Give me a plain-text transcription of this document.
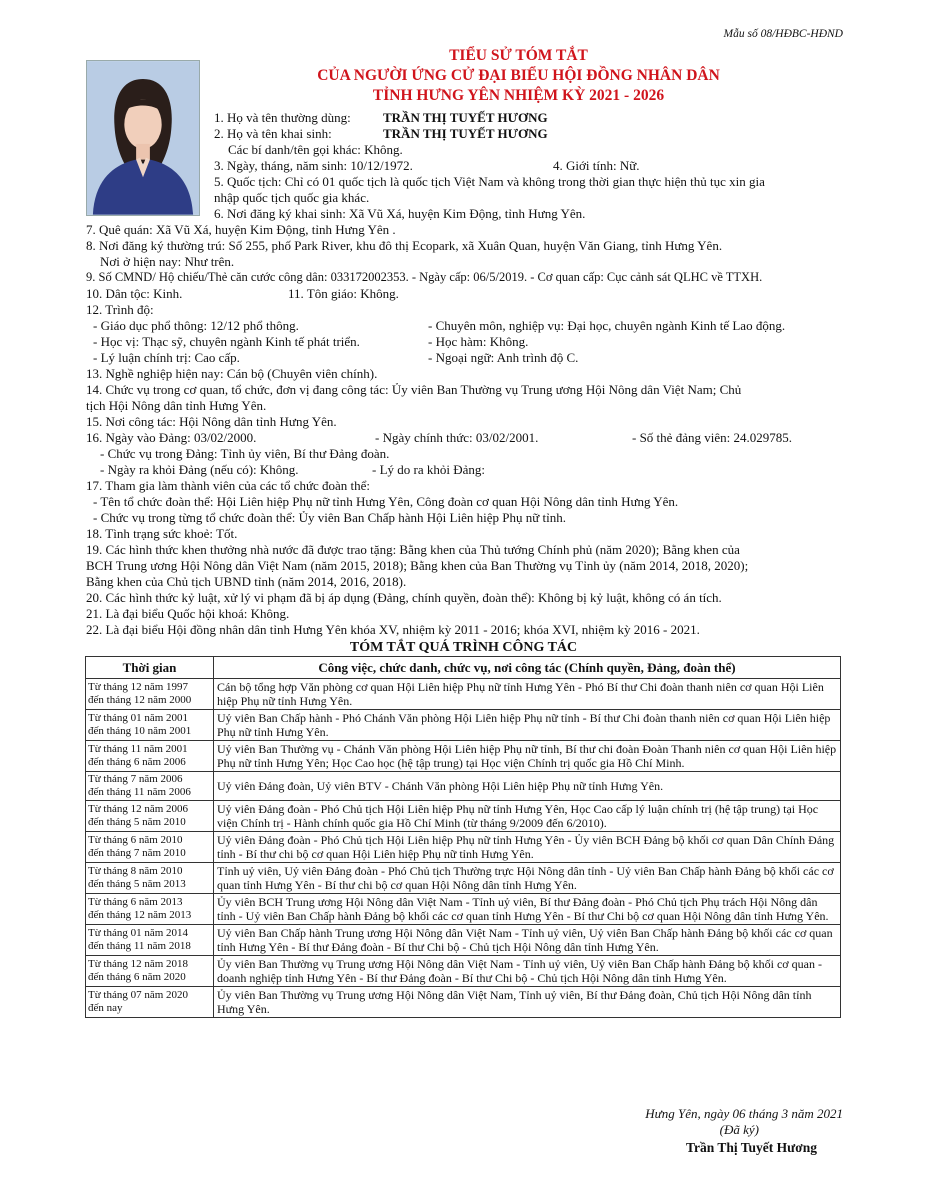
Mẫu số 08/HĐBC-HĐND
TIỂU SỬ TÓM TẮT
CỦA NGƯỜI ỨNG CỬ ĐẠI BIỂU HỘI ĐỒNG NHÂN DÂN
TỈNH HƯNG YÊN NHIỆM KỲ 2021 - 2026
1. Họ và tên thường dùng: TRẦN THỊ TUYẾT HƯƠNG
2. Họ và tên khai sinh:	TRẦN THỊ TUYẾT HƯƠNG
Các bí danh/tên gọi khác: Không.
3. Ngày, tháng, năm sinh: 10/12/1972.	4. Giới tính: Nữ.
5. Quốc tịch: Chỉ có 01 quốc tịch là quốc tịch Việt Nam và không trong thời gian thực hiện thủ tục xin gia
nhập quốc tịch quốc gia khác.
6. Nơi đăng ký khai sinh: Xã Vũ Xá, huyện Kim Động, tỉnh Hưng Yên.
7. Quê quán: Xã Vũ Xá, huyện Kim Động, tỉnh Hưng Yên .
8. Nơi đăng ký thường trú: Số 255, phố Park River, khu đô thị Ecopark, xã Xuân Quan, huyện Văn Giang, tỉnh Hưng Yên.
Nơi ở hiện nay: Như trên.
9. Số CMND/ Hộ chiếu/Thẻ căn cước công dân: 033172002353. - Ngày cấp: 06/5/2019. - Cơ quan cấp: Cục cảnh sát QLHC về TTXH.
10. Dân tộc: Kinh.	11. Tôn giáo: Không.
12. Trình độ:
- Giáo dục phổ thông: 12/12 phổ thông.	- Chuyên môn, nghiệp vụ: Đại học, chuyên ngành Kinh tế Lao động.
- Học vị: Thạc sỹ, chuyên ngành Kinh tế phát triển.	- Học hàm: Không.
- Lý luận chính trị: Cao cấp.	- Ngoại ngữ: Anh trình độ C.
13. Nghề nghiệp hiện nay: Cán bộ (Chuyên viên chính).
14. Chức vụ trong cơ quan, tổ chức, đơn vị đang công tác: Ủy viên Ban Thường vụ Trung ương Hội Nông dân Việt Nam; Chủ
tịch Hội Nông dân tỉnh Hưng Yên.
15. Nơi công tác: Hội Nông dân tỉnh Hưng Yên.
16. Ngày vào Đảng: 03/02/2000.	- Ngày chính thức: 03/02/2001.	- Số thẻ đảng viên: 24.029785.
- Chức vụ trong Đảng: Tỉnh ủy viên, Bí thư Đảng đoàn.
- Ngày ra khỏi Đảng (nếu có): Không.	- Lý do ra khỏi Đảng:
17. Tham gia làm thành viên của các tổ chức đoàn thể:
- Tên tổ chức đoàn thể: Hội Liên hiệp Phụ nữ tỉnh Hưng Yên, Công đoàn cơ quan Hội Nông dân tỉnh Hưng Yên.
- Chức vụ trong từng tổ chức đoàn thể: Ủy viên Ban Chấp hành Hội Liên hiệp Phụ nữ tỉnh.
18. Tình trạng sức khoẻ: Tốt.
19. Các hình thức khen thưởng nhà nước đã được trao tặng: Bằng khen của Thủ tướng Chính phủ (năm 2020); Bằng khen của
BCH Trung ương Hội Nông dân Việt Nam (năm 2015, 2018); Bằng khen của Ban Thường vụ Tỉnh ủy (năm 2014, 2018, 2020);
Bằng khen của Chủ tịch UBND tỉnh (năm 2014, 2016, 2018).
20. Các hình thức kỷ luật, xử lý vi phạm đã bị áp dụng (Đảng, chính quyền, đoàn thể): Không bị kỷ luật, không có án tích.
21. Là đại biểu Quốc hội khoá: Không.
22. Là đại biểu Hội đồng nhân dân tỉnh Hưng Yên khóa XV, nhiệm kỳ 2011 - 2016; khóa XVI, nhiệm kỳ 2016 - 2021.
TÓM TẮT QUÁ TRÌNH CÔNG TÁC
Thời gian	Công việc, chức danh, chức vụ, nơi công tác (Chính quyền, Đảng, đoàn thể)

Từ tháng 12 năm 1997
đến tháng 12 năm 2000	Cán bộ tổng hợp Văn phòng cơ quan Hội Liên hiệp Phụ nữ tỉnh Hưng Yên - Phó Bí thư Chi đoàn thanh niên cơ quan Hội Liên hiệp Phụ nữ tỉnh Hưng Yên.

Từ tháng 01 năm 2001
đến tháng 10 năm 2001	Uỷ viên Ban Chấp hành - Phó Chánh Văn phòng Hội Liên hiệp Phụ nữ tỉnh - Bí thư Chi đoàn thanh niên cơ quan Hội Liên hiệp Phụ nữ tỉnh Hưng Yên.

Từ tháng 11 năm 2001
đến tháng 6 năm 2006	Uỷ viên Ban Thường vụ - Chánh Văn phòng Hội Liên hiệp Phụ nữ tỉnh, Bí thư chi đoàn Đoàn Thanh niên cơ quan Hội Liên hiệp Phụ nữ tỉnh Hưng Yên; Học Cao học (hệ tập trung) tại Học viện Chính trị quốc gia Hồ Chí Minh.

Từ tháng 7 năm 2006
đến tháng 11 năm 2006	Uỷ viên Đảng đoàn, Uỷ viên BTV - Chánh Văn phòng Hội Liên hiệp Phụ nữ tỉnh Hưng Yên.

Từ tháng 12 năm 2006
đến tháng 5 năm 2010	Uỷ viên Đảng đoàn - Phó Chủ tịch Hội Liên hiệp Phụ nữ tỉnh Hưng Yên, Học Cao cấp lý luận chính trị (hệ tập trung) tại Học viện Chính trị - Hành chính quốc gia Hồ Chí Minh (từ tháng 9/2009 đến 6/2010).

Từ tháng 6 năm 2010
đến tháng 7 năm 2010	Uỷ viên Đảng đoàn - Phó Chủ tịch Hội Liên hiệp Phụ nữ tỉnh Hưng Yên - Ủy viên BCH Đảng bộ khối cơ quan Dân Chính Đảng tỉnh - Bí thư chi bộ cơ quan Hội Liên hiệp Phụ nữ tỉnh Hưng Yên.

Từ tháng 8 năm 2010
đến tháng 5 năm 2013	Tỉnh uỷ viên, Uỷ viên Đảng đoàn - Phó Chủ tịch Thường trực Hội Nông dân tỉnh - Uỷ viên Ban Chấp hành Đảng bộ khối các cơ quan tỉnh Hưng Yên - Bí thư chi bộ cơ quan Hội Nông dân tỉnh Hưng Yên.

Từ tháng 6 năm 2013
đến tháng 12 năm 2013	Ủy viên BCH Trung ương Hội Nông dân Việt Nam - Tỉnh uỷ viên, Bí thư Đảng đoàn - Phó Chủ tịch Phụ trách Hội Nông dân tỉnh - Uỷ viên Ban Chấp hành Đảng bộ khối các cơ quan tỉnh Hưng Yên - Bí thư Chi bộ cơ quan Hội Nông dân tỉnh Hưng Yên.

Từ tháng 01 năm 2014
đến tháng 11 năm 2018	Uỷ viên Ban Chấp hành Trung ương Hội Nông dân Việt Nam - Tỉnh uỷ viên, Uỷ viên Ban Chấp hành Đảng bộ khối các cơ quan tỉnh Hưng Yên - Bí thư Đảng đoàn - Bí thư Chi bộ - Chủ tịch Hội Nông dân tỉnh Hưng Yên.

Từ tháng 12 năm 2018
đến tháng 6 năm 2020	Ủy viên Ban Thường vụ Trung ương Hội Nông dân Việt Nam - Tỉnh uỷ viên, Uỷ viên Ban Chấp hành Đảng bộ khối cơ quan - doanh nghiệp tỉnh Hưng Yên - Bí thư Đảng đoàn - Bí thư Chi bộ - Chủ tịch Hội Nông dân tỉnh Hưng Yên.

Từ tháng 07 năm 2020
đến nay	Ủy viên Ban Thường vụ Trung ương Hội Nông dân Việt Nam, Tỉnh uỷ viên, Bí thư Đảng đoàn, Chủ tịch Hội Nông dân tỉnh Hưng Yên.
Hưng Yên, ngày 06 tháng 3 năm 2021
(Đã ký)
Trần Thị Tuyết Hương
